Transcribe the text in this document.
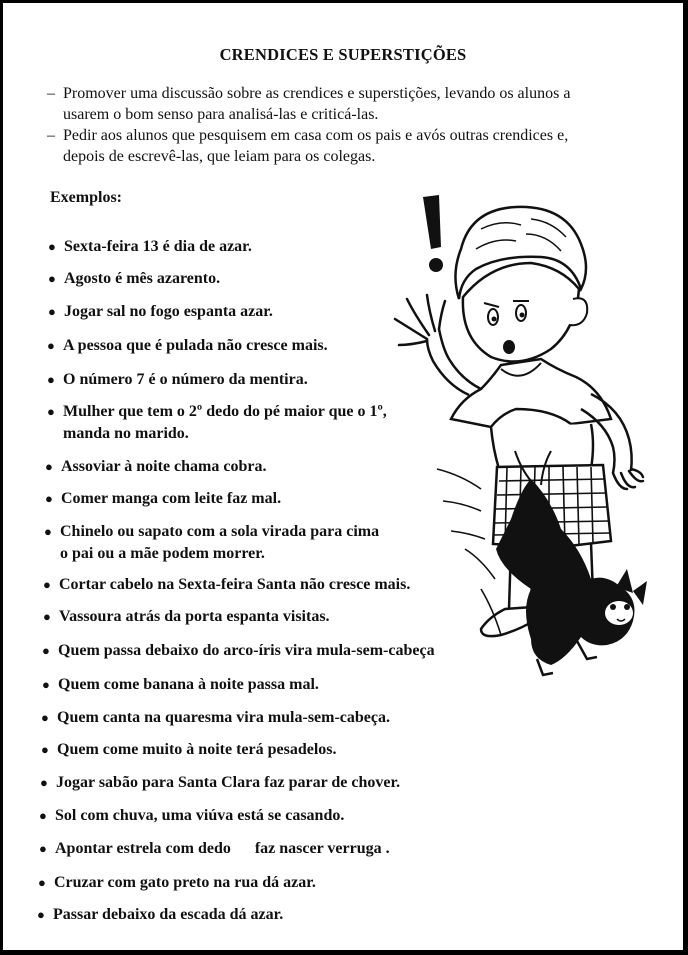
CRENDICES E SUPERSTIÇÕES

– Promover uma discussão sobre as crendices e superstições, levando os alunos a
usarem o bom senso para analisá-las e criticá-las.

– Pedir aos alunos que pesquisem em casa com os pais e avós outras crendices e,
depois de escrevê-las, que leiam para os colegas.

Exemplos:
● Sexta-feira 13 é dia de azar.
● Agosto é mês azarento.
● Jogar sal no fogo espanta azar.
● A pessoa que é pulada não cresce mais.
● O número 7 é o número da mentira.
● Mulher que tem o 2º dedo do pé maior que o 1º,
manda no marido.
● Assoviar à noite chama cobra.
● Comer manga com leite faz mal.
● Chinelo ou sapato com a sola virada para cima
o pai ou a mãe podem morrer.
● Cortar cabelo na Sexta-feira Santa não cresce mais.
● Vassoura atrás da porta espanta visitas.
● Quem passa debaixo do arco-íris vira mula-sem-cabeça
● Quem come banana à noite passa mal.
● Quem canta na quaresma vira mula-sem-cabeça.
● Quem come muito à noite terá pesadelos.
● Jogar sabão para Santa Clara faz parar de chover.
● Sol com chuva, uma viúva está se casando.
● Apontar estrela com dedo      faz nascer verruga .
● Cruzar com gato preto na rua dá azar.
● Passar debaixo da escada dá azar.
